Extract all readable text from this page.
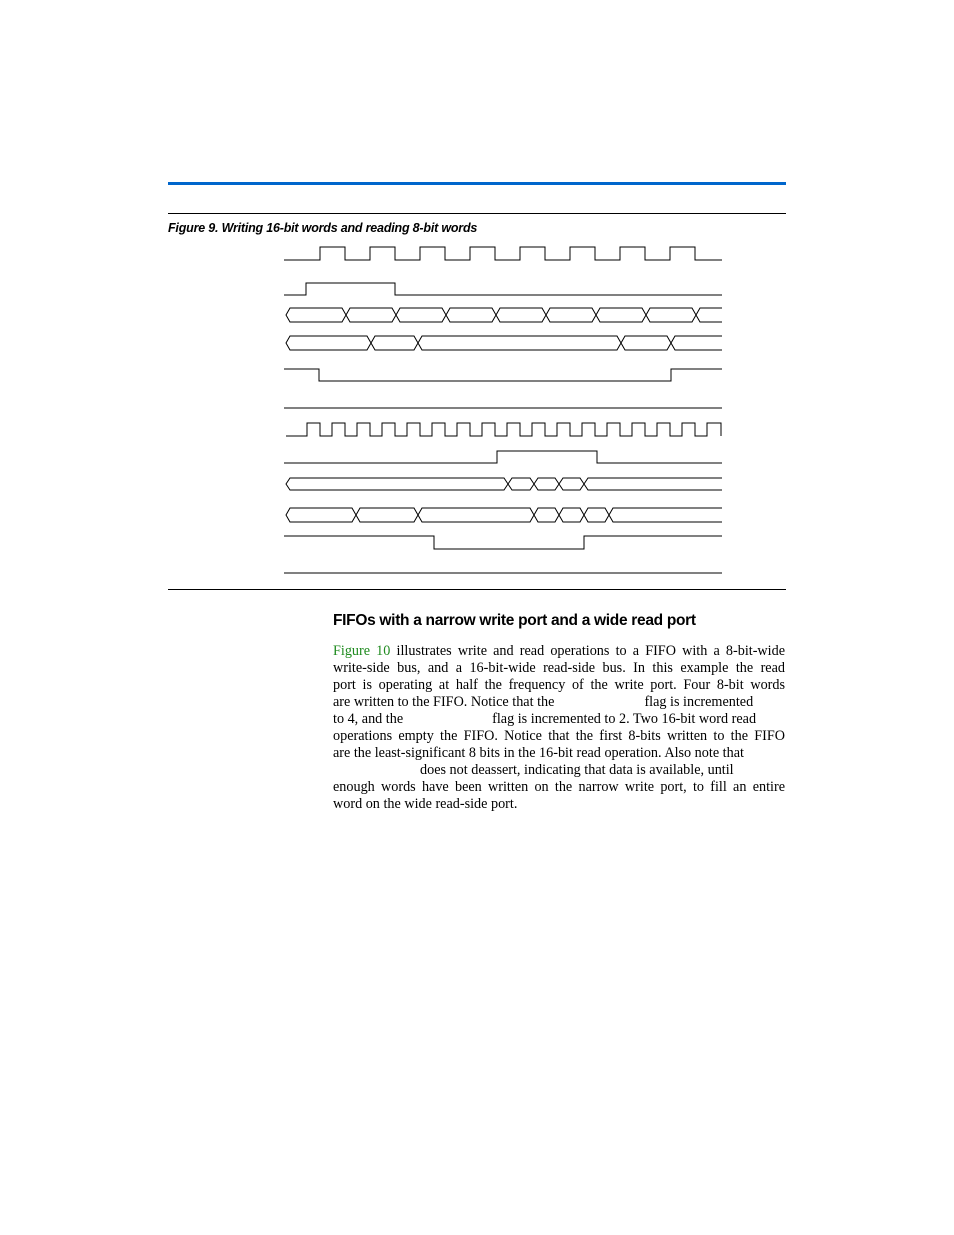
Figure 9. Writing 16-bit words and reading 8-bit words
FIFOs with a narrow write port and a wide read port
Figure 10 illustrates write and read operations to a FIFO with a 8-bit-wide
write-side bus, and a 16-bit-wide read-side bus. In this example the read
port is operating at half the frequency of the write port. Four 8-bit words
are written to the FIFO. Notice that the	flag is incremented
to 4, and the	flag is incremented to 2. Two 16-bit word read
operations empty the FIFO. Notice that the first 8-bits written to the FIFO
are the least-significant 8 bits in the 16-bit read operation. Also note that
does not deassert, indicating that data is available, until
enough words have been written on the narrow write port, to fill an entire
word on the wide read-side port.
